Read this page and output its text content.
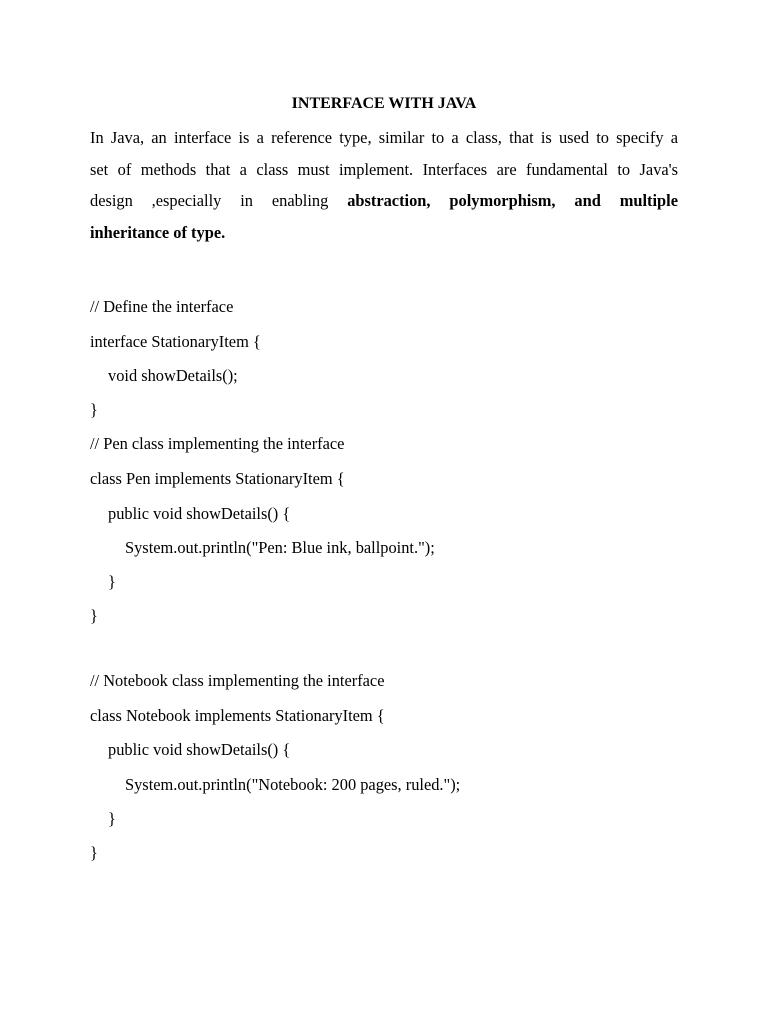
INTERFACE WITH JAVA
In Java, an interface is a reference type, similar to a class, that is used to specify a
set of methods that a class must implement. Interfaces are fundamental to Java's
design ,especially in enabling abstraction, polymorphism, and multiple
inheritance of type.
// Define the interface
interface StationaryItem {
void showDetails();
}
// Pen class implementing the interface
class Pen implements StationaryItem {
public void showDetails() {
System.out.println("Pen: Blue ink, ballpoint.");
}
}
// Notebook class implementing the interface
class Notebook implements StationaryItem {
public void showDetails() {
System.out.println("Notebook: 200 pages, ruled.");
}
}
